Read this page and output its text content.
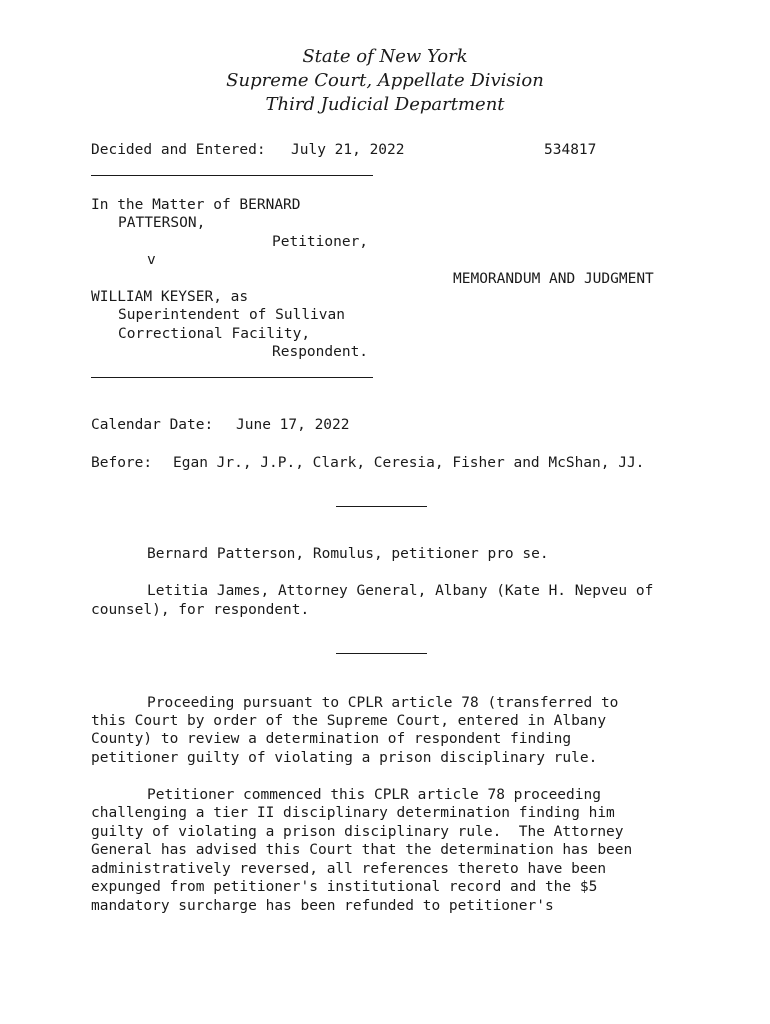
State of New York
Supreme Court, Appellate Division
Third Judicial Department
Decided and Entered: July 21, 2022	534817
In the Matter of BERNARD
PATTERSON,
Petitioner,
v
MEMORANDUM AND JUDGMENT
WILLIAM KEYSER, as
Superintendent of Sullivan
Correctional Facility,
Respondent.
Calendar Date: June 17, 2022
Before: Egan Jr., J.P., Clark, Ceresia, Fisher and McShan, JJ.
Bernard Patterson, Romulus, petitioner pro se.
Letitia James, Attorney General, Albany (Kate H. Nepveu of
counsel), for respondent.
Proceeding pursuant to CPLR article 78 (transferred to
this Court by order of the Supreme Court, entered in Albany
County) to review a determination of respondent finding
petitioner guilty of violating a prison disciplinary rule.
Petitioner commenced this CPLR article 78 proceeding
challenging a tier II disciplinary determination finding him
guilty of violating a prison disciplinary rule.  The Attorney
General has advised this Court that the determination has been
administratively reversed, all references thereto have been
expunged from petitioner's institutional record and the $5
mandatory surcharge has been refunded to petitioner's
